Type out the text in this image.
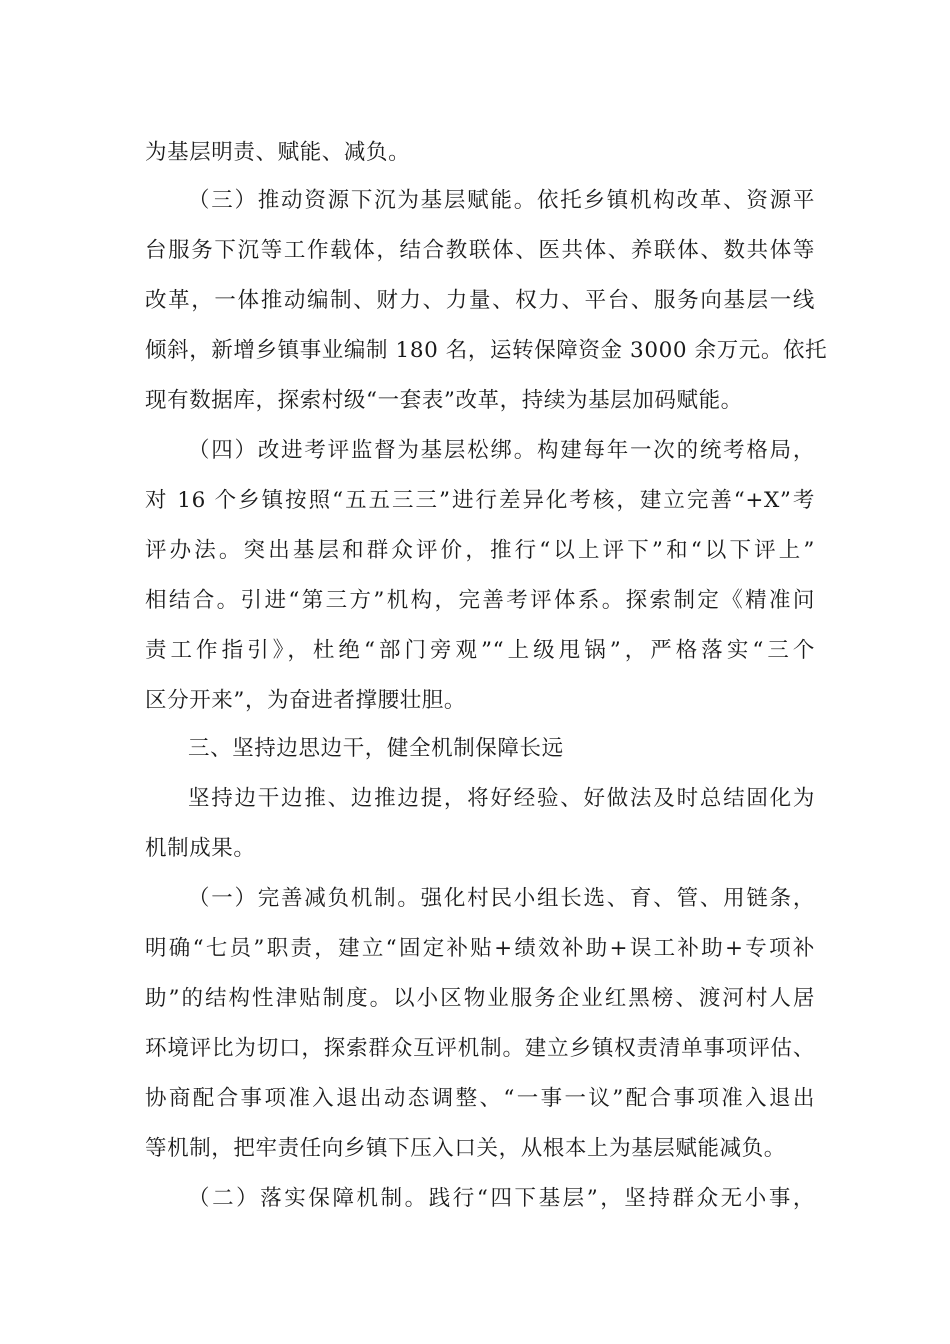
为基层明责、赋能、减负。
（三）推动资源下沉为基层赋能。依托乡镇机构改革、资源平
台服务下沉等工作载体，结合教联体、医共体、养联体、数共体等
改革，一体推动编制、财力、力量、权力、平台、服务向基层一线
倾斜，新增乡镇事业编制 180 名，运转保障资金 3000 余万元。依托
现有数据库，探索村级“一套表”改革，持续为基层加码赋能。
（四）改进考评监督为基层松绑。构建每年一次的统考格局，
对 16 个乡镇按照“五五三三”进行差异化考核，建立完善“+X”考
评办法。突出基层和群众评价，推行“以上评下”和“以下评上”
相结合。引进“第三方”机构，完善考评体系。探索制定《精准问
责工作指引》，杜绝“部门旁观”“上级甩锅”，严格落实“三个
区分开来”，为奋进者撑腰壮胆。
三、坚持边思边干，健全机制保障长远
坚持边干边推、边推边提，将好经验、好做法及时总结固化为
机制成果。
（一）完善减负机制。强化村民小组长选、育、管、用链条，
明确“七员”职责，建立“固定补贴+绩效补助+误工补助+专项补
助”的结构性津贴制度。以小区物业服务企业红黑榜、渡河村人居
环境评比为切口，探索群众互评机制。建立乡镇权责清单事项评估、
协商配合事项准入退出动态调整、“一事一议”配合事项准入退出
等机制，把牢责任向乡镇下压入口关，从根本上为基层赋能减负。
（二）落实保障机制。践行“四下基层”，坚持群众无小事，
